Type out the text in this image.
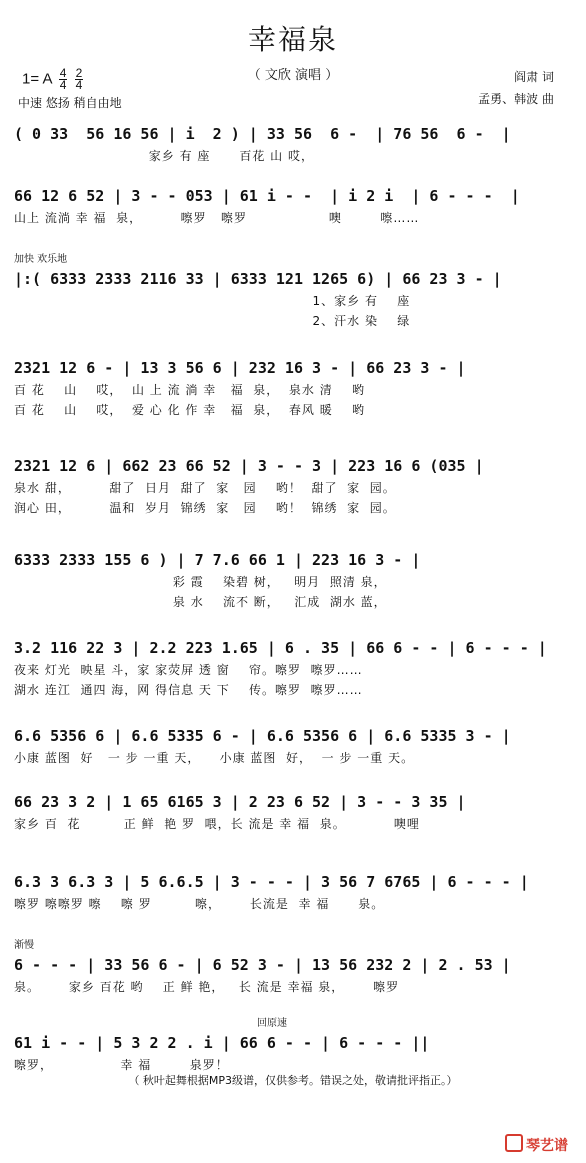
幸福泉
（ 文欣 演唱 ）
1= A $\frac{4}{4}$
$\frac{2}{4}$
中速 悠扬 稍自由地
阎肃 词
孟勇、韩波 曲
( 0 33  56 16 56 | i  2 ) | 33 56  6 -  | 76 56  6 -  |
家乡 有 座      百花 山 哎，
66 12 6 52 | 3 - - 053 | 61 i - -  | i 2 i  | 6 - - -  |
山上 流淌 幸 福  泉，        嚓罗   嚓罗                 噢        嚓……
加快 欢乐地
|:( 6333 2333 2116 33 | 6333 121 1265 6) | 66 23 3 - |
1、家乡 有    座
2、汗水 染    绿
2321 12 6 - | 13 3 56 6 | 232 16 3 - | 66 23 3 - |
百 花    山    哎，  山 上 流 淌 幸   福  泉，  泉水 清    哟
百 花    山    哎，  爱 心 化 作 幸   福  泉，  春风 暖    哟
2321 12 6 | 662 23 66 52 | 3 - - 3 | 223 16 6 (035 |
泉水 甜，        甜了  日月  甜了  家   园    哟！  甜了  家  园。
润心 田，        温和  岁月  锦绣  家   园    哟！  锦绣  家  园。
6333 2333 155 6 ) | 7 7.6 66 1 | 223 16 3 - |
彩 霞    染碧 树，   明月  照清 泉，
泉 水    流不 断，   汇成  湖水 蓝，
3.2 116 22 3 | 2.2 223 1.65 | 6 . 35 | 66 6 - - | 6 - - - |
夜来 灯光  映星 斗，家 家荧屏 透 窗    帘。嚓罗  嚓罗……
湖水 连江  通四 海，网 得信息 天 下    传。嚓罗  嚓罗……
6.6 5356 6 | 6.6 5335 6 - | 6.6 5356 6 | 6.6 5335 3 - |
小康 蓝图  好   一 步 一重 天，    小康 蓝图  好，  一 步 一重 天。
66 23 3 2 | 1 65 6165 3 | 2 23 6 52 | 3 - - 3 35 |
家乡 百  花         正 鲜  艳 罗  喂，长 流是 幸 福  泉。          噢哩
6.3 3 6.3 3 | 5 6.6.5 | 3 - - - | 3 56 7 6765 | 6 - - - |
嚓罗 嚓嚓罗 嚓    嚓 罗         嚓，      长流是  幸 福      泉。
渐慢
6 - - - | 33 56 6 - | 6 52 3 - | 13 56 232 2 | 2 . 53 |
泉。      家乡 百花 哟    正 鲜 艳，   长 流是 幸福 泉，      嚓罗
回原速
61 i - - | 5 3 2 2 . i | 66 6 - - | 6 - - - ||
嚓罗，              幸 福        泉罗！
（ 秋叶起舞根据MP3级谱，仅供参考。错误之处，敬请批评指正。）
琴艺谱
